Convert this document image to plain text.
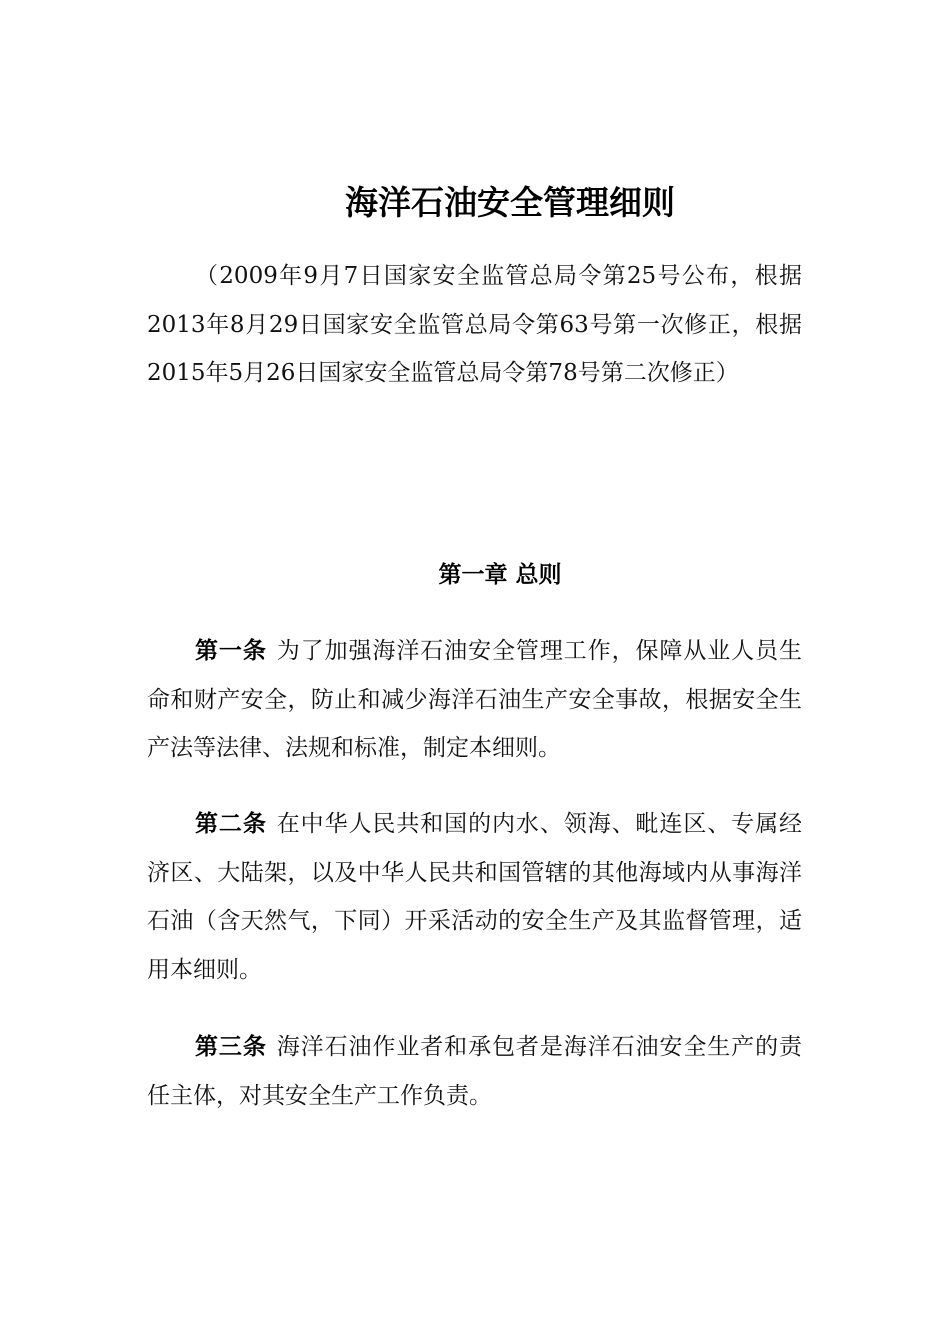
海洋石油安全管理细则

（2009年9月7日国家安全监管总局令第25号公布，根据2013年8月29日国家安全监管总局令第63号第一次修正，根据2015年5月26日国家安全监管总局令第78号第二次修正）

第一章 总则

第一条 为了加强海洋石油安全管理工作，保障从业人员生命和财产安全，防止和减少海洋石油生产安全事故，根据安全生产法等法律、法规和标准，制定本细则。

第二条 在中华人民共和国的内水、领海、毗连区、专属经济区、大陆架，以及中华人民共和国管辖的其他海域内从事海洋石油（含天然气，下同）开采活动的安全生产及其监督管理，适用本细则。

第三条 海洋石油作业者和承包者是海洋石油安全生产的责任主体，对其安全生产工作负责。
